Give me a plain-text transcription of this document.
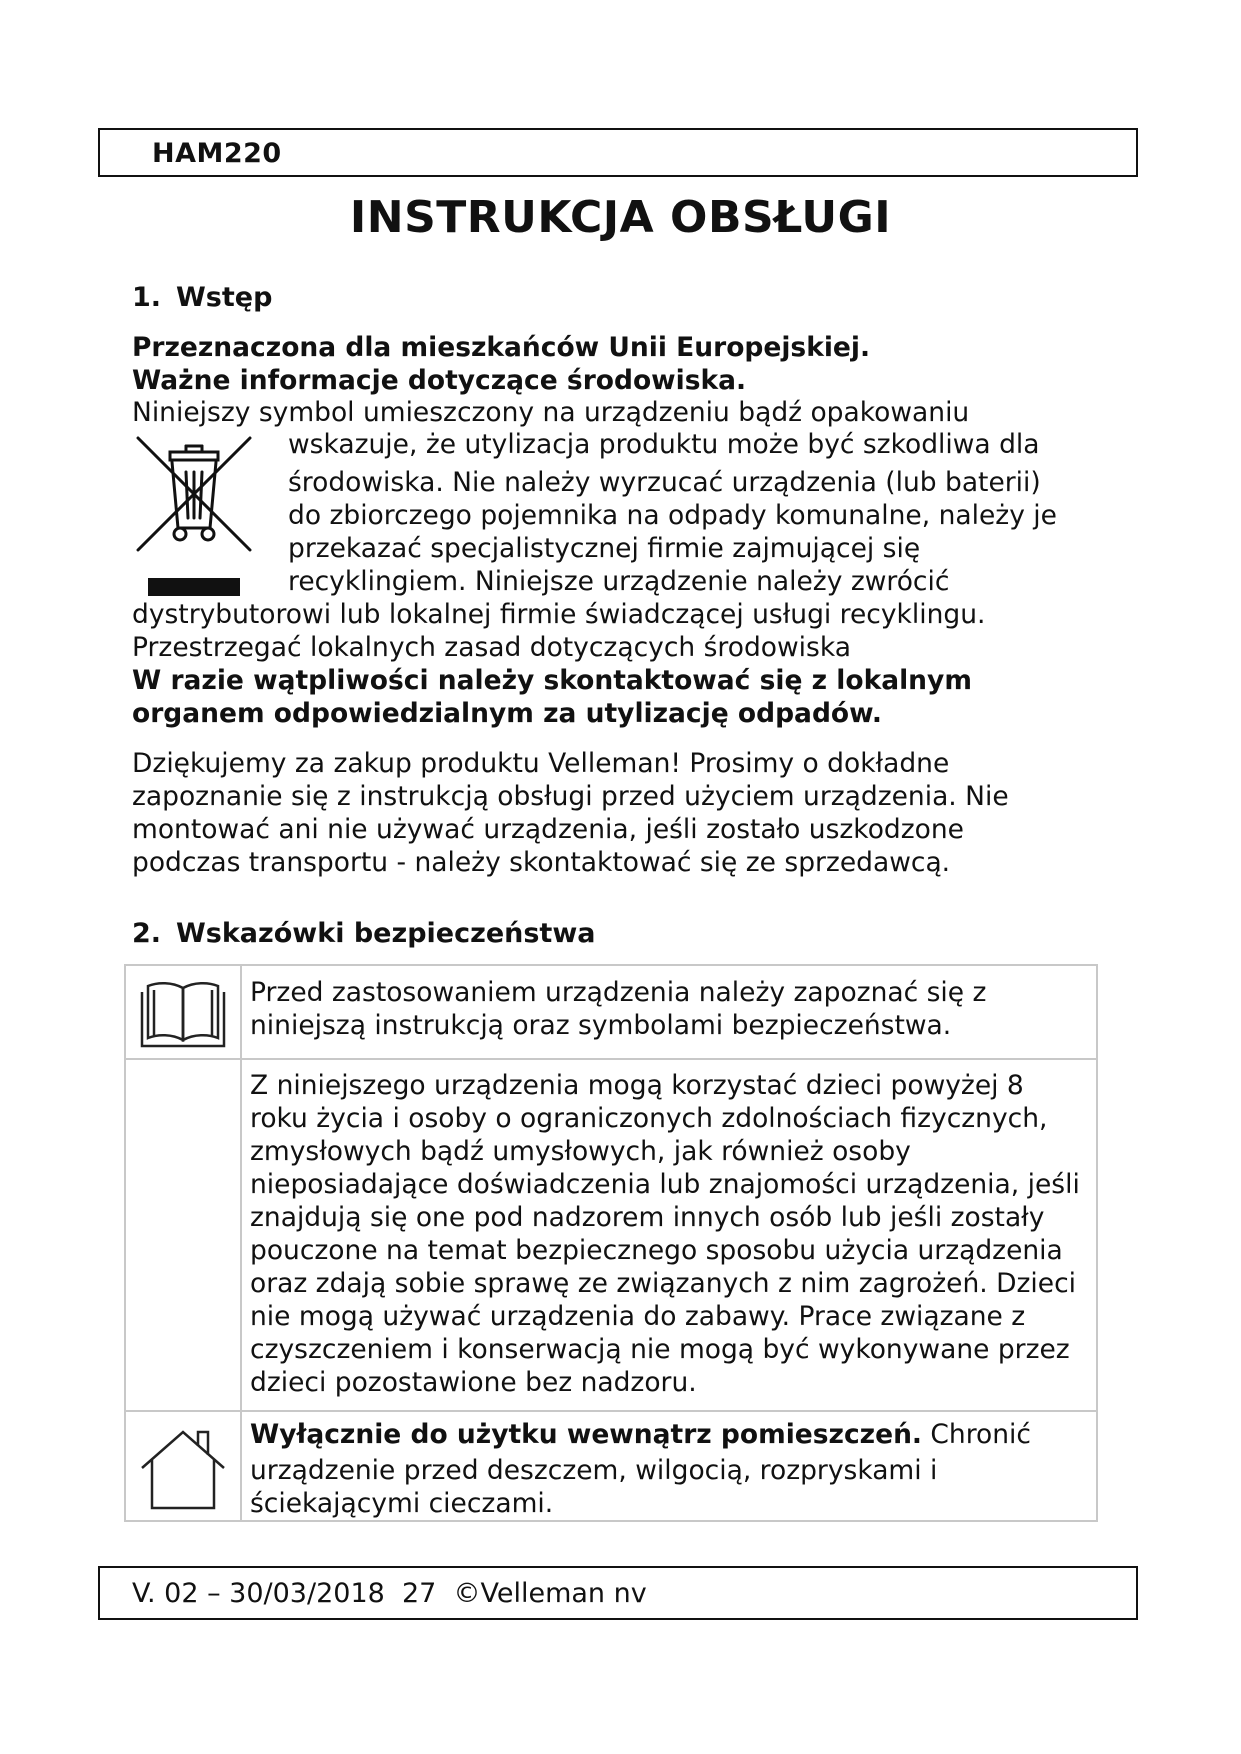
HAM220
INSTRUKCJA OBSŁUGI
1. Wstęp
Przeznaczona dla mieszkańców Unii Europejskiej.
Ważne informacje dotyczące środowiska.
Niniejszy symbol umieszczony na urządzeniu bądź opakowaniu
wskazuje, że utylizacja produktu może być szkodliwa dla
środowiska. Nie należy wyrzucać urządzenia (lub baterii)
do zbiorczego pojemnika na odpady komunalne, należy je
przekazać specjalistycznej firmie zajmującej się
recyklingiem. Niniejsze urządzenie należy zwrócić
dystrybutorowi lub lokalnej firmie świadczącej usługi recyklingu.
Przestrzegać lokalnych zasad dotyczących środowiska
W razie wątpliwości należy skontaktować się z lokalnym
organem odpowiedzialnym za utylizację odpadów.
Dziękujemy za zakup produktu Velleman! Prosimy o dokładne
zapoznanie się z instrukcją obsługi przed użyciem urządzenia. Nie
montować ani nie używać urządzenia, jeśli zostało uszkodzone
podczas transportu - należy skontaktować się ze sprzedawcą.
2. Wskazówki bezpieczeństwa
Przed zastosowaniem urządzenia należy zapoznać się z
niniejszą instrukcją oraz symbolami bezpieczeństwa.
Z niniejszego urządzenia mogą korzystać dzieci powyżej 8
roku życia i osoby o ograniczonych zdolnościach fizycznych,
zmysłowych bądź umysłowych, jak również osoby
nieposiadające doświadczenia lub znajomości urządzenia, jeśli
znajdują się one pod nadzorem innych osób lub jeśli zostały
pouczone na temat bezpiecznego sposobu użycia urządzenia
oraz zdają sobie sprawę ze związanych z nim zagrożeń. Dzieci
nie mogą używać urządzenia do zabawy. Prace związane z
czyszczeniem i konserwacją nie mogą być wykonywane przez
dzieci pozostawione bez nadzoru.
Wyłącznie do użytku wewnątrz pomieszczeń. Chronić
urządzenie przed deszczem, wilgocią, rozpryskami i
ściekającymi cieczami.
V. 02 – 30/03/2018  27  ©Velleman nv
